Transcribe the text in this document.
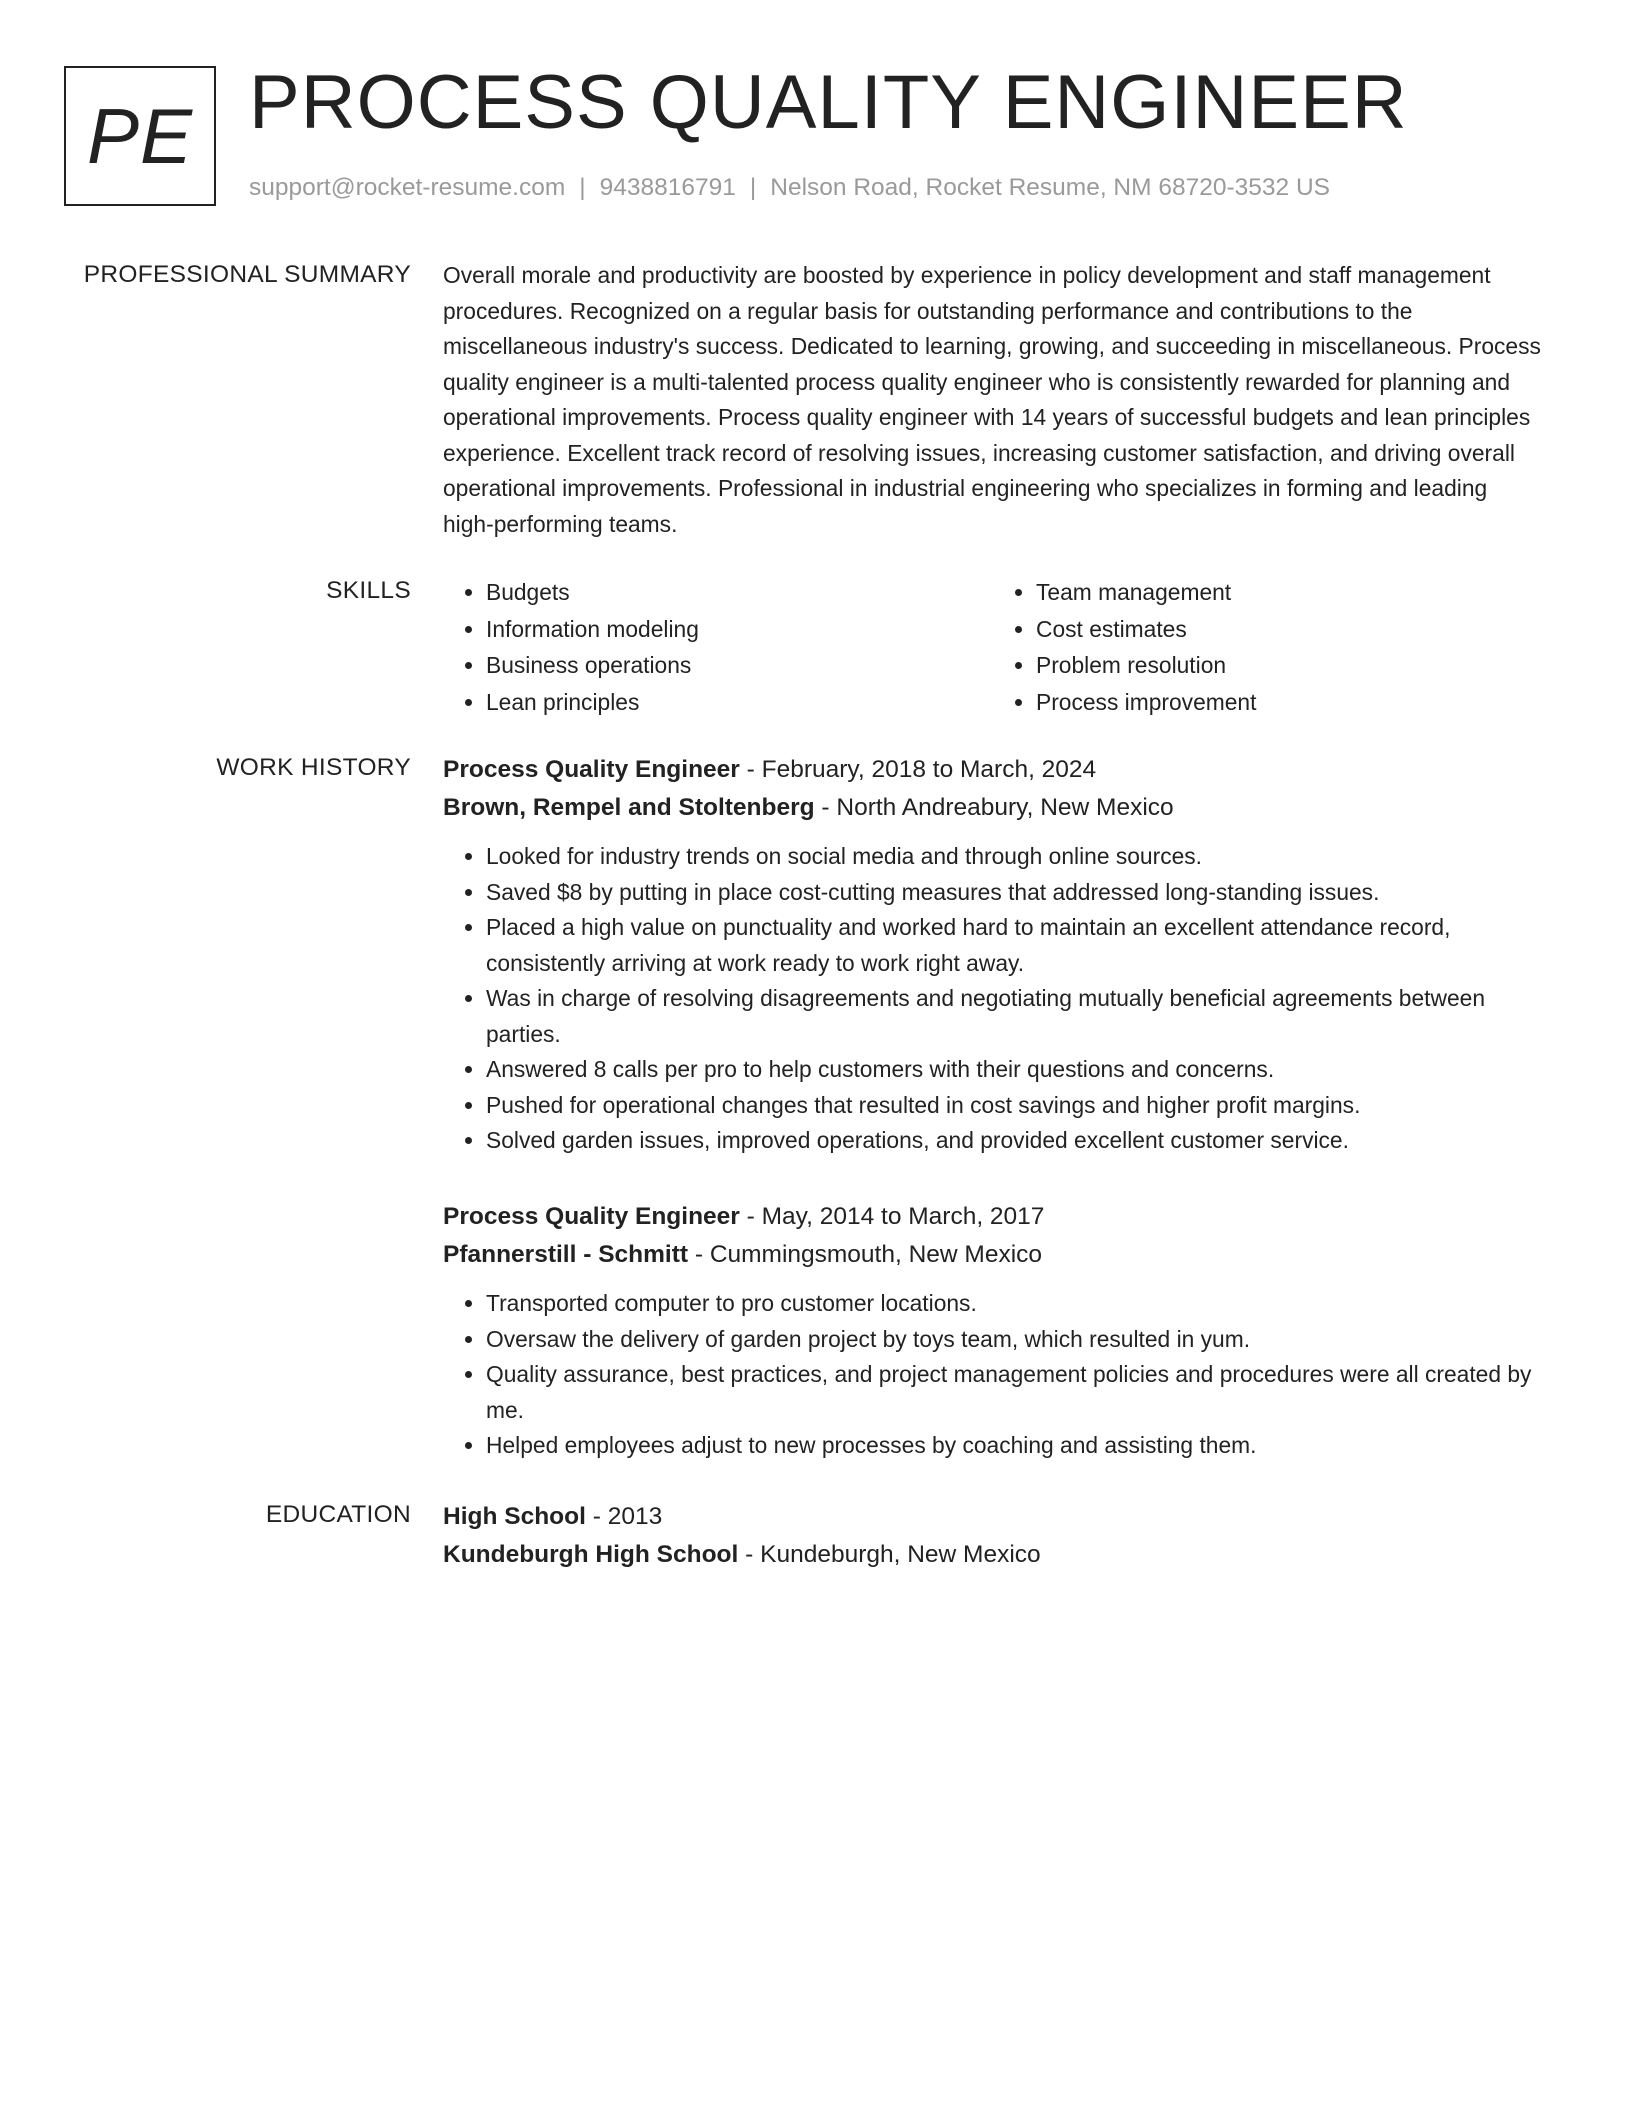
PE PROCESS QUALITY ENGINEER
support@rocket-resume.com | 9438816791 | Nelson Road, Rocket Resume, NM 68720-3532 US
PROFESSIONAL SUMMARY Overall morale and productivity are boosted by experience in policy development and staff management procedures. Recognized on a regular basis for outstanding performance and contributions to the miscellaneous industry's success. Dedicated to learning, growing, and succeeding in miscellaneous. Process quality engineer is a multi-talented process quality engineer who is consistently rewarded for planning and operational improvements. Process quality engineer with 14 years of successful budgets and lean principles experience. Excellent track record of resolving issues, increasing customer satisfaction, and driving overall operational improvements. Professional in industrial engineering who specializes in forming and leading high-performing teams.

SKILLS
•	Budgets
• Information modeling
• Business operations
• Lean principles
• Team management
• Cost estimates
• Problem resolution
• Process improvement
WORK HISTORY Process Quality Engineer - February, 2018 to March, 2024
Brown, Rempel and Stoltenberg - North Andreabury, New Mexico
• Looked for industry trends on social media and through online sources.
• Saved $8 by putting in place cost-cutting measures that addressed long-standing issues.
• Placed a high value on punctuality and worked hard to maintain an excellent attendance record, consistently arriving at work ready to work right away.
• Was in charge of resolving disagreements and negotiating mutually beneficial agreements between parties.
• Answered 8 calls per pro to help customers with their questions and concerns.
• Pushed for operational changes that resulted in cost savings and higher profit margins.
• Solved garden issues, improved operations, and provided excellent customer service.
Process Quality Engineer - May, 2014 to March, 2017
Pfannerstill - Schmitt - Cummingsmouth, New Mexico
• Transported computer to pro customer locations.
• Oversaw the delivery of garden project by toys team, which resulted in yum.
• Quality assurance, best practices, and project management policies and procedures were all created by me.
• Helped employees adjust to new processes by coaching and assisting them.
EDUCATION High School - 2013
Kundeburgh High School - Kundeburgh, New Mexico
